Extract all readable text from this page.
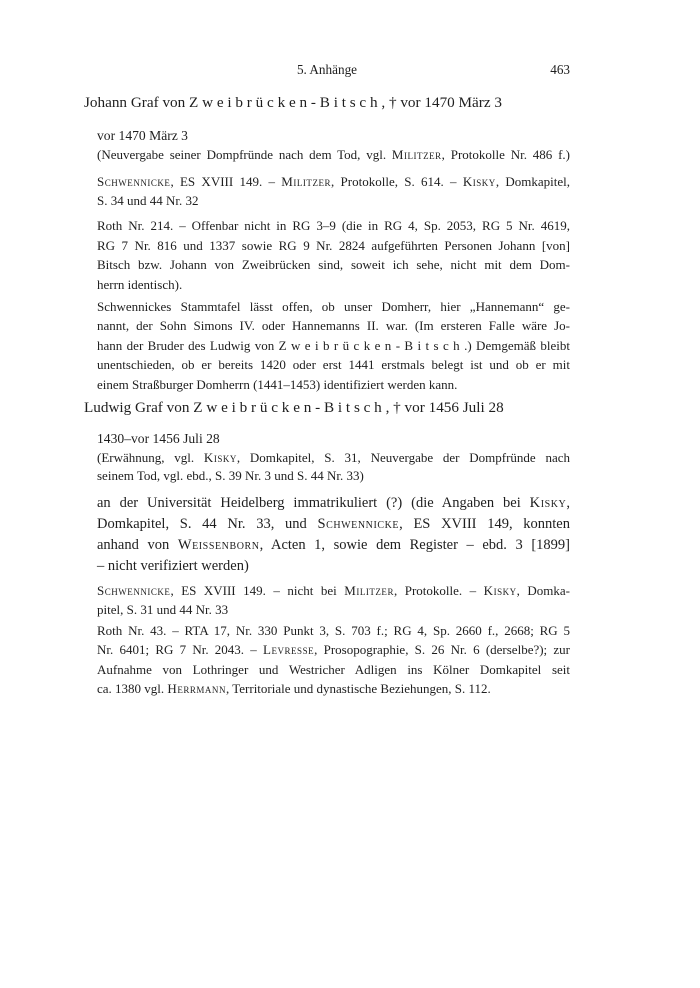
5. Anhänge	463
Johann Graf von Z w e i b r ü c k e n - B i t s c h , † vor 1470 März 3
vor 1470 März 3
(Neuvergabe seiner Dompfründe nach dem Tod, vgl. Militzer, Protokolle Nr. 486 f.)
Schwennicke, ES XVIII 149. – Militzer, Protokolle, S. 614. – Kisky, Domkapitel,
S. 34 und 44 Nr. 32
Roth Nr. 214. – Offenbar nicht in RG 3–9 (die in RG 4, Sp. 2053, RG 5 Nr. 4619,
RG 7 Nr. 816 und 1337 sowie RG 9 Nr. 2824 aufgeführten Personen Johann [von]
Bitsch bzw. Johann von Zweibrücken sind, soweit ich sehe, nicht mit dem Dom-
herrn identisch).
Schwennickes Stammtafel lässt offen, ob unser Domherr, hier „Hannemann“ ge-
nannt, der Sohn Simons IV. oder Hannemanns II. war. (Im ersteren Falle wäre Jo-
hann der Bruder des Ludwig von Z w e i b r ü c k e n - B i t s c h .) Demgemäß bleibt
unentschieden, ob er bereits 1420 oder erst 1441 erstmals belegt ist und ob er mit
einem Straßburger Domherrn (1441–1453) identifiziert werden kann.
Ludwig Graf von Z w e i b r ü c k e n - B i t s c h , † vor 1456 Juli 28
1430–vor 1456 Juli 28
(Erwähnung, vgl. Kisky, Domkapitel, S. 31, Neuvergabe der Dompfründe nach
seinem Tod, vgl. ebd., S. 39 Nr. 3 und S. 44 Nr. 33)
an der Universität Heidelberg immatrikuliert (?) (die Angaben bei Kisky,
Domkapitel, S. 44 Nr. 33, und Schwennicke, ES XVIII 149, konnten
anhand von Weissenborn, Acten 1, sowie dem Register – ebd. 3 [1899]
– nicht verifiziert werden)
Schwennicke, ES XVIII 149. – nicht bei Militzer, Protokolle. – Kisky, Domka-
pitel, S. 31 und 44 Nr. 33
Roth Nr. 43. – RTA 17, Nr. 330 Punkt 3, S. 703 f.; RG 4, Sp. 2660 f., 2668; RG 5
Nr. 6401; RG 7 Nr. 2043. – Levresse, Prosopographie, S. 26 Nr. 6 (derselbe?); zur
Aufnahme von Lothringer und Westricher Adligen ins Kölner Domkapitel seit
ca. 1380 vgl. Herrmann, Territoriale und dynastische Beziehungen, S. 112.
